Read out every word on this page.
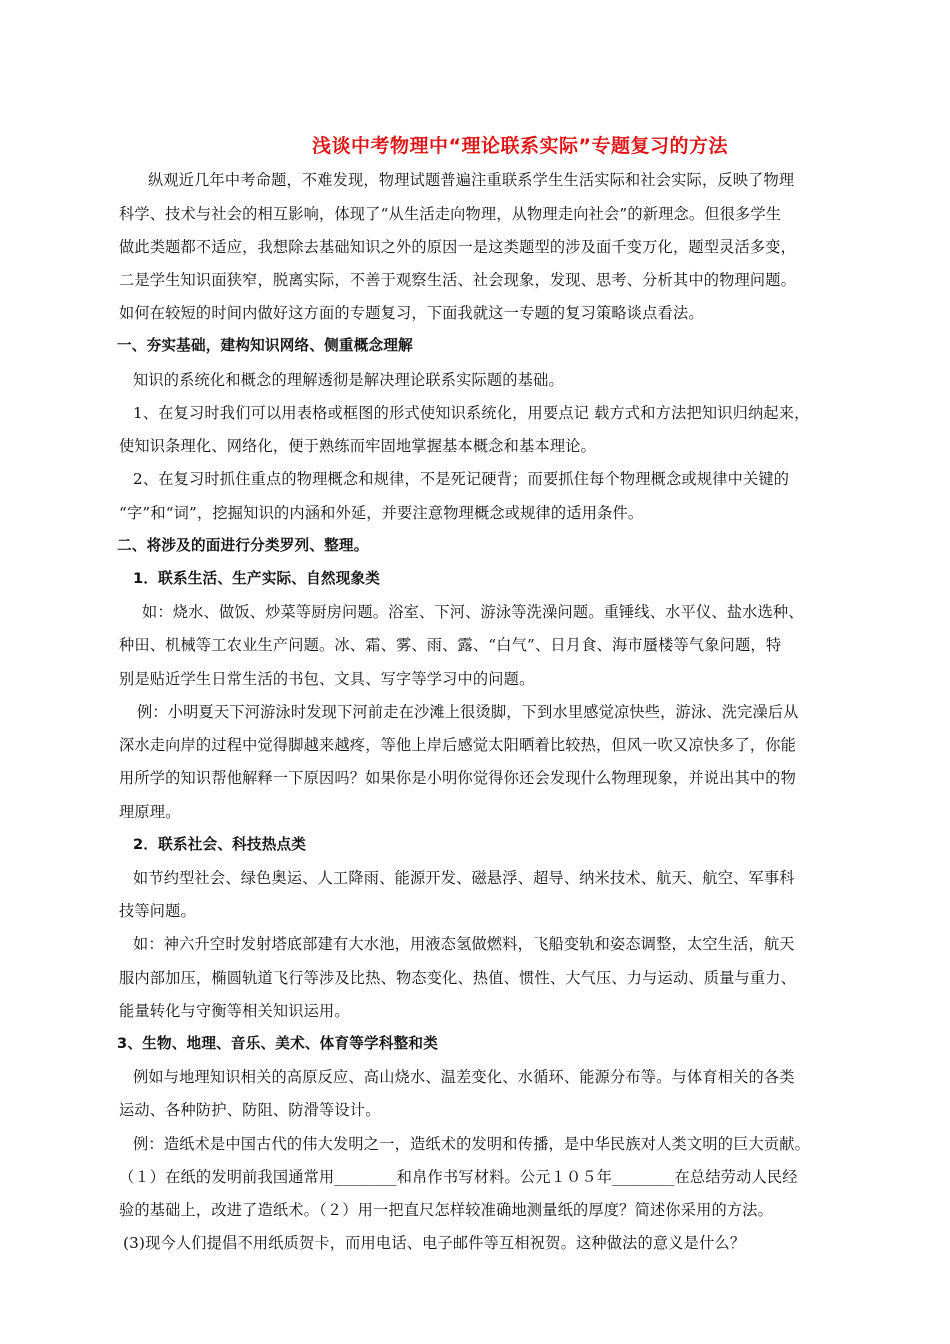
浅谈中考物理中“理论联系实际”专题复习的方法
纵观近几年中考命题，不难发现，物理试题普遍注重联系学生生活实际和社会实际，反映了物理
科学、技术与社会的相互影响，体现了“从生活走向物理，从物理走向社会”的新理念。但很多学生
做此类题都不适应，我想除去基础知识之外的原因一是这类题型的涉及面千变万化，题型灵活多变，
二是学生知识面狭窄，脱离实际，不善于观察生活、社会现象，发现、思考、分析其中的物理问题。
如何在较短的时间内做好这方面的专题复习，下面我就这一专题的复习策略谈点看法。
一、夯实基础，建构知识网络、侧重概念理解
知识的系统化和概念的理解透彻是解决理论联系实际题的基础。
1、在复习时我们可以用表格或框图的形式使知识系统化，用要点记 载方式和方法把知识归纳起来，
使知识条理化、网络化，便于熟练而牢固地掌握基本概念和基本理论。
2、在复习时抓住重点的物理概念和规律，不是死记硬背；而要抓住每个物理概念或规律中关键的
“字”和“词”，挖掘知识的内涵和外延，并要注意物理概念或规律的适用条件。
二、将涉及的面进行分类罗列、整理。
1．联系生活、生产实际、自然现象类
如：烧水、做饭、炒菜等厨房问题。浴室、下河、游泳等洗澡问题。重锤线、水平仪、盐水选种、
种田、机械等工农业生产问题。冰、霜、雾、雨、露、“白气”、日月食、海市蜃楼等气象问题，特
别是贴近学生日常生活的书包、文具、写字等学习中的问题。
例：小明夏天下河游泳时发现下河前走在沙滩上很烫脚，下到水里感觉凉快些，游泳、洗完澡后从
深水走向岸的过程中觉得脚越来越疼，等他上岸后感觉太阳晒着比较热，但风一吹又凉快多了，你能
用所学的知识帮他解释一下原因吗？如果你是小明你觉得你还会发现什么物理现象，并说出其中的物
理原理。
2．联系社会、科技热点类
如节约型社会、绿色奥运、人工降雨、能源开发、磁悬浮、超导、纳米技术、航天、航空、军事科
技等问题。
如：神六升空时发射塔底部建有大水池，用液态氢做燃料，飞船变轨和姿态调整，太空生活，航天
服内部加压，椭圆轨道飞行等涉及比热、物态变化、热值、惯性、大气压、力与运动、质量与重力、
能量转化与守衡等相关知识运用。
3、生物、地理、音乐、美术、体育等学科整和类
例如与地理知识相关的高原反应、高山烧水、温差变化、水循环、能源分布等。与体育相关的各类
运动、各种防护、防阻、防滑等设计。
例：造纸术是中国古代的伟大发明之一，造纸术的发明和传播，是中华民族对人类文明的巨大贡献。
（１）在纸的发明前我国通常用________和帛作书写材料。公元１０５年________在总结劳动人民经
验的基础上，改进了造纸术。（２）用一把直尺怎样较准确地测量纸的厚度？简述你采用的方法。
(3)现今人们提倡不用纸质贺卡，而用电话、电子邮件等互相祝贺。这种做法的意义是什么？
